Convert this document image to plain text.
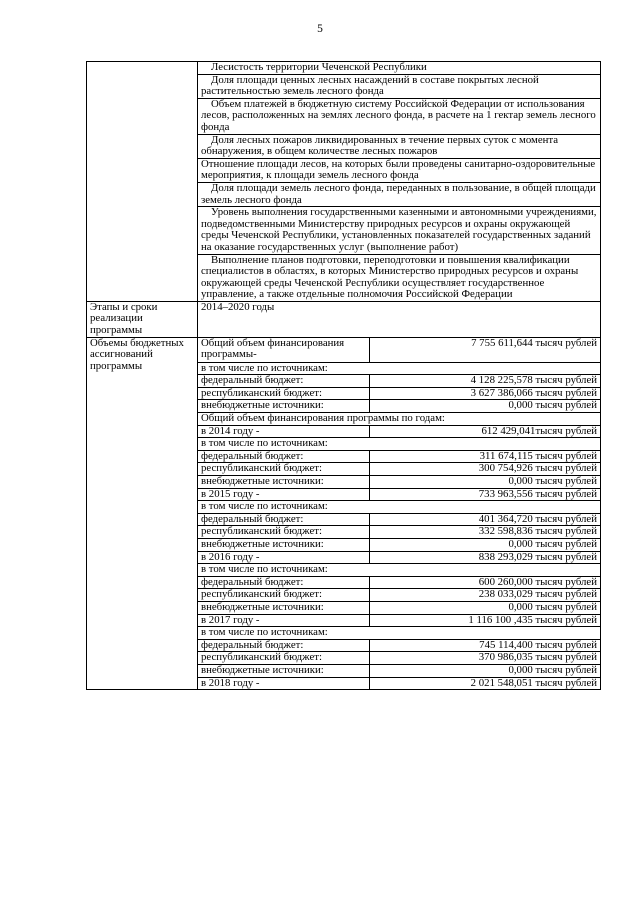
5

Лесистость территории Чеченской Республики

Доля площади ценных лесных насаждений в составе покрытых лесной растительностью земель лесного фонда

Объем платежей в бюджетную систему Российской Федерации от использования лесов, расположенных на землях лесного фонда, в расчете на 1 гектар земель лесного фонда

Доля лесных пожаров ликвидированных в течение первых суток с момента обнаружения, в общем количестве лесных пожаров

Отношение площади лесов, на которых были проведены санитарно-оздоровительные мероприятия, к площади земель лесного фонда

Доля площади земель лесного фонда, переданных в пользование, в общей площади земель лесного фонда

Уровень выполнения государственными казенными и автономными учреждениями, подведомственными Министерству природных ресурсов и охраны окружающей среды Чеченской Республики, установленных показателей государственных заданий на оказание государственных услуг (выполнение работ)

Выполнение планов подготовки, переподготовки и повышения квалификации специалистов в областях, в которых Министерство природных ресурсов и охраны окружающей среды Чеченской Республики осуществляет государственное управление, а также отдельные полномочия Российской Федерации

Этапы и сроки реализации программы	2014–2020 годы
Объемы бюджетных ассигнований программы	Общий объем финансирования программы-	7 755 611,644 тысяч рублей
в том числе по источникам:
федеральный бюджет:	4 128 225,578 тысяч рублей
республиканский бюджет:	3 627 386,066 тысяч рублей
внебюджетные источники:	0,000 тысяч рублей
Общий объем финансирования программы по годам:
в 2014 году -	612 429,041тысяч рублей
в том числе по источникам:
федеральный бюджет:	311 674,115 тысяч рублей
республиканский бюджет:	300 754,926 тысяч рублей
внебюджетные источники:	0,000 тысяч рублей
в 2015 году -	733 963,556 тысяч рублей
в том числе по источникам:
федеральный бюджет:	401 364,720 тысяч рублей
республиканский бюджет:	332 598,836 тысяч рублей
внебюджетные источники:	0,000 тысяч рублей
в 2016 году -	838 293,029 тысяч рублей
в том числе по источникам:
федеральный бюджет:	600 260,000 тысяч рублей
республиканский бюджет:	238 033,029 тысяч рублей
внебюджетные источники:	0,000 тысяч рублей
в 2017 году -	1 116 100 ,435 тысяч рублей
в том числе по источникам:
федеральный бюджет:	745 114,400 тысяч рублей
республиканский бюджет:	370 986,035 тысяч рублей
внебюджетные источники:	0,000 тысяч рублей
в 2018 году -	2 021 548,051 тысяч рублей
